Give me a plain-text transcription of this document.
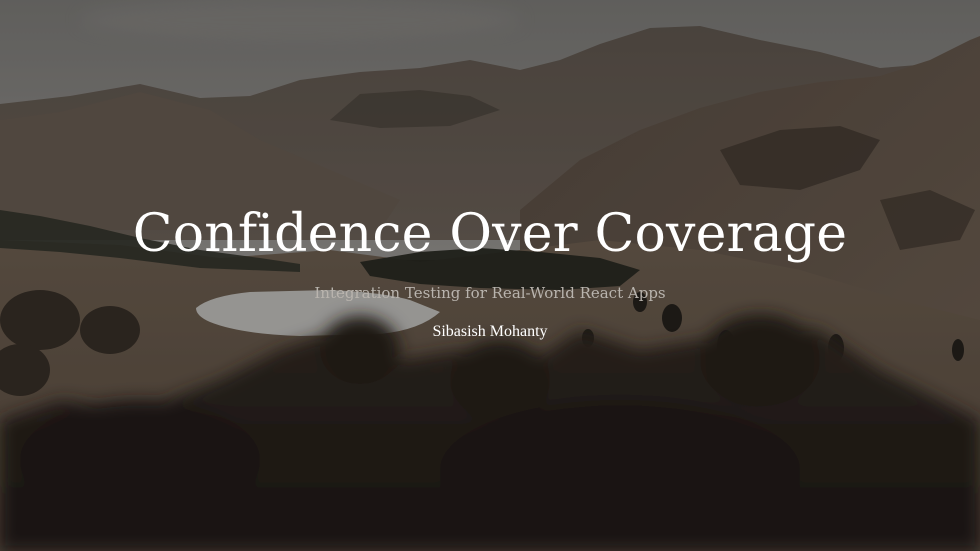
Confidence Over Coverage
Integration Testing for Real-World React Apps
Sibasish Mohanty
